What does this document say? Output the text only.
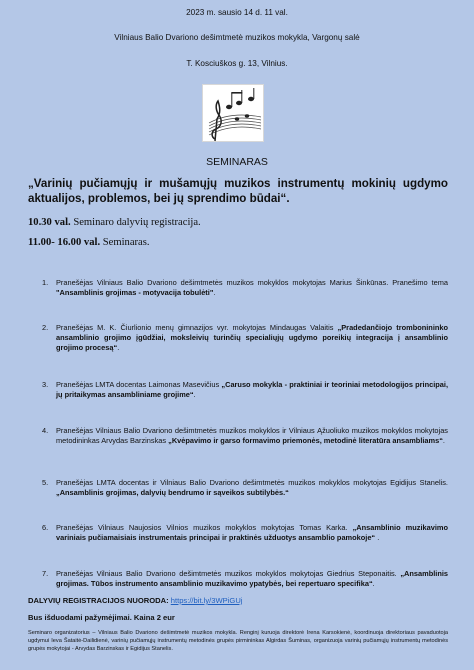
2023 m. sausio 14 d. 11 val.
Vilniaus Balio Dvariono dešimtmetė muzikos mokykla, Vargonų salė
T. Kosciuškos g. 13, Vilnius.
SEMINARAS
„Varinių pučiamųjų ir mušamųjų muzikos instrumentų mokinių ugdymo aktualijos, problemos, bei jų sprendimo būdai“.
10.30 val. Seminaro dalyvių registracija.
11.00- 16.00 val. Seminaras.
1. Pranešėjas Vilniaus Balio Dvariono dešimtmetės muzikos mokyklos mokytojas Marius Šinkūnas. Pranešimo tema "Ansamblinis grojimas - motyvacija tobulėti".
2. Pranešėjas M. K. Čiurlionio menų gimnazijos vyr. mokytojas Mindaugas Valaitis „Pradedančiojo trombonininko ansamblinio grojimo įgūdžiai, moksleivių turinčių specialiųjų ugdymo poreikių integracija į ansamblinio grojimo procesą“.
3. Pranešėjas LMTA docentas Laimonas Masevičius „Caruso mokykla - praktiniai ir teoriniai metodologijos principai, jų pritaikymas ansambliniame grojime“.
4. Pranešėjas Vilniaus Balio Dvariono dešimtmetės muzikos mokyklos ir Vilniaus Ąžuoliuko muzikos mokyklos mokytojas metodininkas Arvydas Barzinskas „Kvėpavimo ir garso formavimo priemonės, metodinė literatūra ansambliams“.
5. Pranešėjas LMTA docentas ir Vilniaus Balio Dvariono dešimtmetės muzikos mokyklos mokytojas Egidijus Stanelis. „Ansamblinis grojimas, dalyvių bendrumo ir sąveikos subtilybės.“
6. Pranešėjas Vilniaus Naujosios Vilnios muzikos mokyklos mokytojas Tomas Karka. „Ansamblinio muzikavimo variniais pučiamaisiais instrumentais principai ir praktinės užduotys ansamblio pamokoje“ .
7. Pranešėjas Vilniaus Balio Dvariono dešimtmetės muzikos mokyklos mokytojas Giedrius Steponaitis. „Ansamblinis grojimas. Tūbos instrumento ansamblinio muzikavimo ypatybės, bei repertuaro specifika“.
DALYVIŲ REGISTRACIJOS NUORODA: https://bit.ly/3WPiGUj
Bus išduodami pažymėjimai. Kaina 2 eur
Seminaro organizatorius – Vilniaus Balio Dvariono dešimtmetė muzikos mokykla. Renginį kuruoja direktorė Irena Karsokienė, koordinuoja direktoriaus pavaduotoja ugdymui Ieva Šataitė-Dailidienė, varinių pučiamųjų instrumentų metodinės grupės pirmininkas Algirdas Šuminas, organizuoja varinių pučiamųjų instrumentų metodinės grupės mokytojai - Arvydas Barzinskas ir Egidijus Stanelis.
